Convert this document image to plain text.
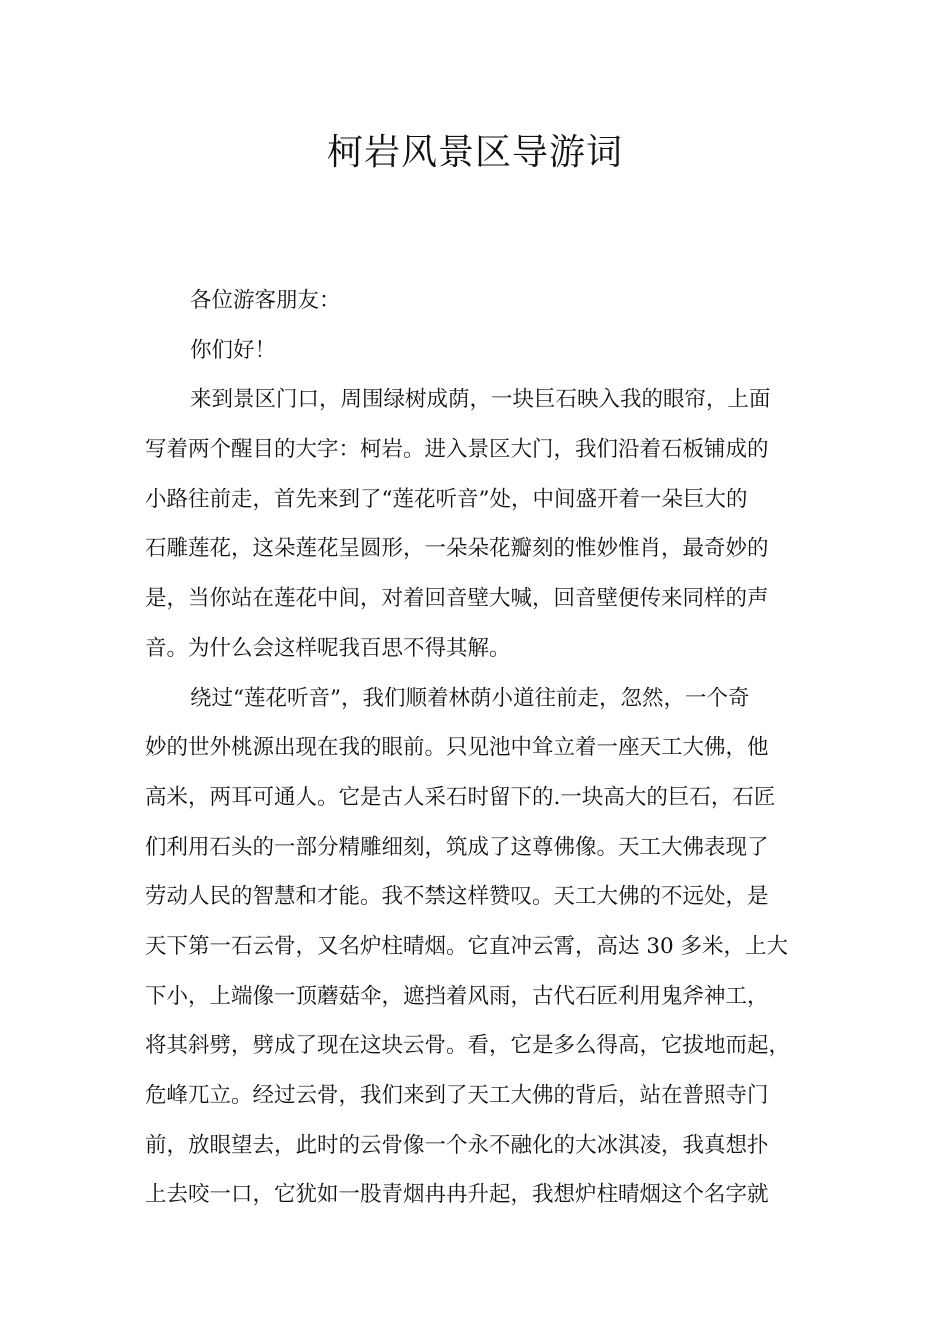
柯岩风景区导游词

各位游客朋友：

你们好！

来到景区门口，周围绿树成荫，一块巨石映入我的眼帘，上面

写着两个醒目的大字：柯岩。进入景区大门，我们沿着石板铺成的

小路往前走，首先来到了“莲花听音”处，中间盛开着一朵巨大的

石雕莲花，这朵莲花呈圆形，一朵朵花瓣刻的惟妙惟肖，最奇妙的

是，当你站在莲花中间，对着回音壁大喊，回音壁便传来同样的声

音。为什么会这样呢我百思不得其解。

绕过“莲花听音”，我们顺着林荫小道往前走，忽然，一个奇

妙的世外桃源出现在我的眼前。只见池中耸立着一座天工大佛，他

高米，两耳可通人。它是古人采石时留下的.一块高大的巨石，石匠

们利用石头的一部分精雕细刻，筑成了这尊佛像。天工大佛表现了

劳动人民的智慧和才能。我不禁这样赞叹。天工大佛的不远处，是

天下第一石云骨，又名炉柱晴烟。它直冲云霄，高达 30 多米，上大

下小，上端像一顶蘑菇伞，遮挡着风雨，古代石匠利用鬼斧神工，

将其斜劈，劈成了现在这块云骨。看，它是多么得高，它拔地而起，

危峰兀立。经过云骨，我们来到了天工大佛的背后，站在普照寺门

前，放眼望去，此时的云骨像一个永不融化的大冰淇凌，我真想扑

上去咬一口，它犹如一股青烟冉冉升起，我想炉柱晴烟这个名字就
